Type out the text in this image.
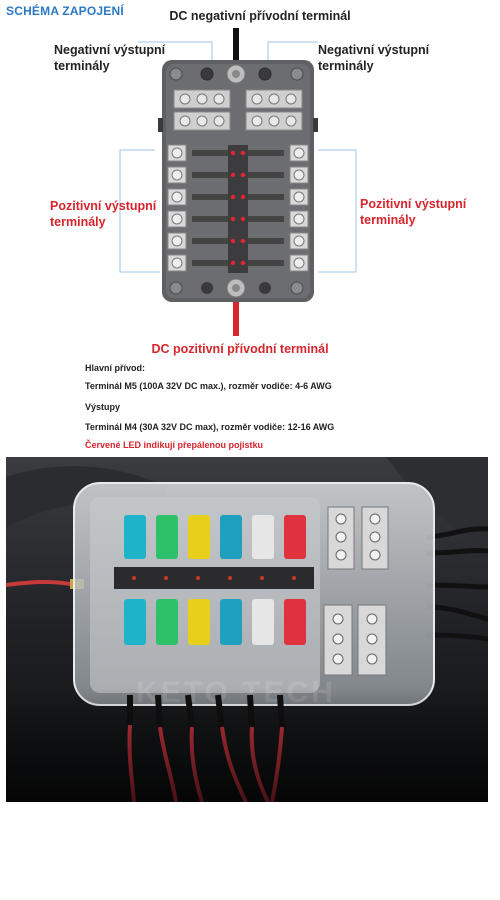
SCHÉMA ZAPOJENÍ	DC negativní přívodní terminál
Negativní výstupní terminály
Negativní výstupní terminály
Pozitivní výstupní terminály
Pozitivní výstupní terminály
DC pozitivní přívodní terminál
Hlavní přívod:
Terminál M5 (100A 32V DC max.), rozměr vodiče: 4-6 AWG
Výstupy
Terminál M4 (30A 32V DC max), rozměr vodiče: 12-16 AWG
Červené LED indikují přepálenou pojistku
